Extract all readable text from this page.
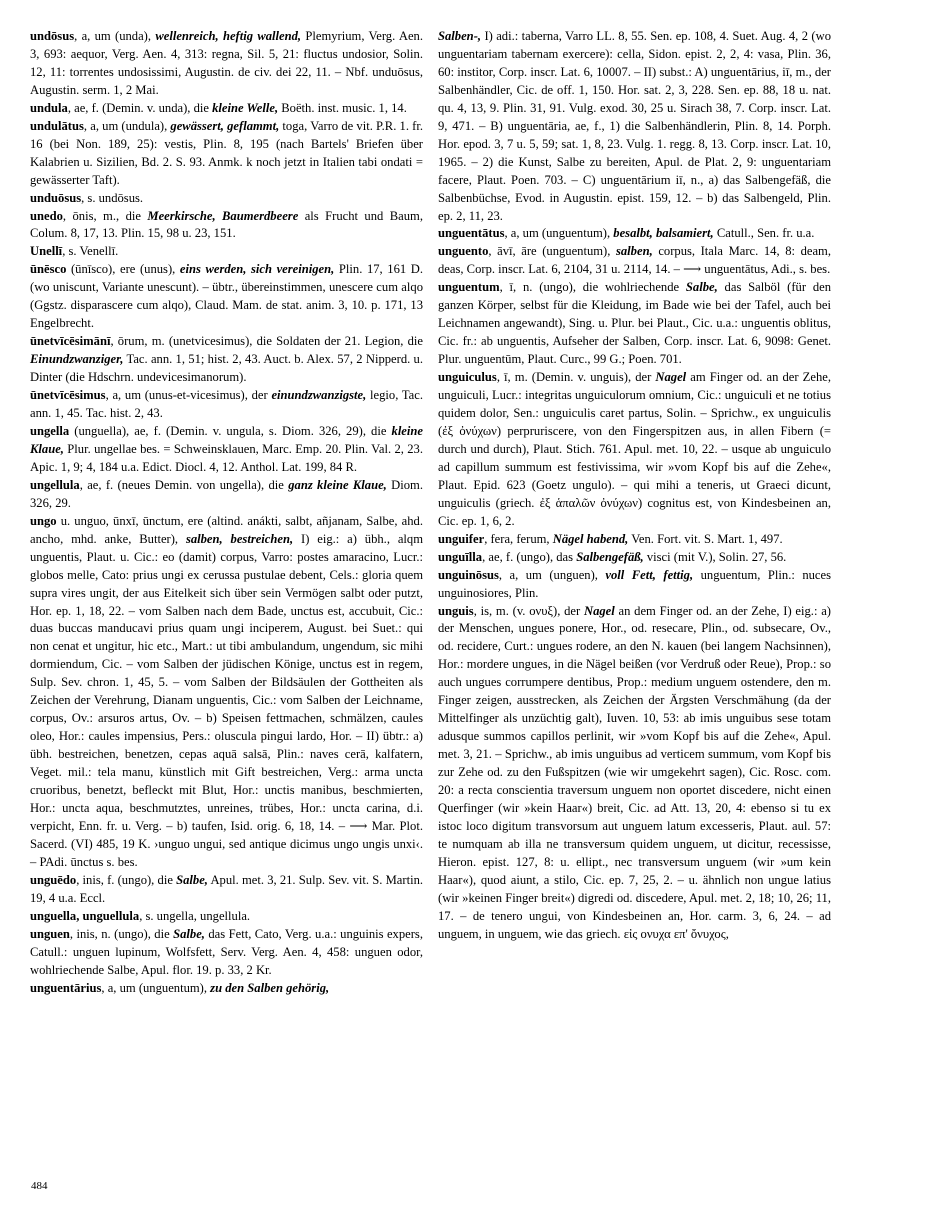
undōsus, a, um (unda), wellenreich, heftig wallend, Plemyrium, Verg. Aen. 3, 693: aequor, Verg. Aen. 4, 313: regna, Sil. 5, 21: fluctus undosior, Solin. 12, 11: torrentes undosissimi, Augustin. de civ. dei 22, 11. – Nbf. unduōsus, Augustin. serm. 1, 2 Mai.

undula, ae, f. (Demin. v. unda), die kleine Welle, Boëth. inst. music. 1, 14.

undulātus, a, um (undula), gewässert, geflammt, toga, Varro de vit. P.R. 1. fr. 16 (bei Non. 189, 25): vestis, Plin. 8, 195 (nach Bartels' Briefen über Kalabrien u. Sizilien, Bd. 2. S. 93. Anmk. k noch jetzt in Italien tabi ondati = gewässerter Taft).

unduōsus, s. undōsus.

unedo, ōnis, m., die Meerkirsche, Baumerdbeere als Frucht und Baum, Colum. 8, 17, 13. Plin. 15, 98 u. 23, 151.

Unellī, s. Venellī.

ūnēsco (ūnīsco), ere (unus), eins werden, sich vereinigen, Plin. 17, 161 D. (wo uniscunt, Variante unescunt). – übtr., übereinstimmen, unescere cum alqo (Ggstz. disparascere cum alqo), Claud. Mam. de stat. anim. 3, 10. p. 171, 13 Engelbrecht.

ūnetvīcēsimānī, ōrum, m. (unetvicesimus), die Soldaten der 21. Legion, die Einundzwanziger, Tac. ann. 1, 51; hist. 2, 43. Auct. b. Alex. 57, 2 Nipperd. u. Dinter (die Hdschrn. undevicesimanorum).

ūnetvīcēsimus, a, um (unus-et-vicesimus), der einundzwanzigste, legio, Tac. ann. 1, 45. Tac. hist. 2, 43.

ungella (unguella), ae, f. (Demin. v. ungula, s. Diom. 326, 29), die kleine Klaue, Plur. ungellae bes. = Schweinsklauen, Marc. Emp. 20. Plin. Val. 2, 23. Apic. 1, 9; 4, 184 u.a. Edict. Diocl. 4, 12. Anthol. Lat. 199, 84 R.

ungellula, ae, f. (neues Demin. von ungella), die ganz kleine Klaue, Diom. 326, 29.

ungo u. unguo, ūnxī, ūnctum, ere (altind. anákti, salbt, añjanam, Salbe, ahd. ancho, mhd. anke, Butter), salben, bestreichen, I) eig.: a) übh., alqm unguentis, Plaut. u. Cic.: eo (damit) corpus, Varro: postes amaracino, Lucr.: globos melle, Cato: prius ungi ex cerussa pustulae debent, Cels.: gloria quem supra vires ungit, der aus Eitelkeit sich über sein Vermögen salbt oder putzt, Hor. ep. 1, 18, 22. – vom Salben nach dem Bade, unctus est, accubuit, Cic.: duas buccas manducavi prius quam ungi inciperem, August. bei Suet.: qui non cenat et ungitur, hic etc., Mart.: ut tibi ambulandum, ungendum, sic mihi dormiendum, Cic. – vom Salben der jüdischen Könige, unctus est in regem, Sulp. Sev. chron. 1, 45, 5. – vom Salben der Bildsäulen der Gottheiten als Zeichen der Verehrung, Dianam unguentis, Cic.: vom Salben der Leichname, corpus, Ov.: arsuros artus, Ov. – b) Speisen fettmachen, schmälzen, caules oleo, Hor.: caules impensius, Pers.: oluscula pingui lardo, Hor. – II) übtr.: a) übh. bestreichen, benetzen, cepas aquā salsā, Plin.: naves cerā, kalfatern, Veget. mil.: tela manu, künstlich mit Gift bestreichen, Verg.: arma uncta cruoribus, benetzt, befleckt mit Blut, Hor.: unctis manibus, beschmierten, Hor.: uncta aqua, beschmutztes, unreines, trübes, Hor.: uncta carina, d.i. verpicht, Enn. fr. u. Verg. – b) taufen, Isid. orig. 6, 18, 14. – ⟶ Mar. Plot. Sacerd. (VI) 485, 19 K. ›unguo ungui, sed antique dicimus ungo ungis unxi‹. – PAdi. ūnctus s. bes.

unguēdo, inis, f. (ungo), die Salbe, Apul. met. 3, 21. Sulp. Sev. vit. S. Martin. 19, 4 u.a. Eccl.

unguella, unguellula, s. ungella, ungellula.

unguen, inis, n. (ungo), die Salbe, das Fett, Cato, Verg. u.a.: unguinis expers, Catull.: unguen lupinum, Wolfsfett, Serv. Verg. Aen. 4, 458: unguen odor, wohlriechende Salbe, Apul. flor. 19. p. 33, 2 Kr.

unguentārius, a, um (unguentum), zu den Salben gehörig,

Salben-, I) adi.: taberna, Varro LL. 8, 55. Sen. ep. 108, 4. Suet. Aug. 4, 2 (wo unguentariam tabernam exercere): cella, Sidon. epist. 2, 2, 4: vasa, Plin. 36, 60: institor, Corp. inscr. Lat. 6, 10007. – II) subst.: A) unguentārius, iī, m., der Salbenhändler, Cic. de off. 1, 150. Hor. sat. 2, 3, 228. Sen. ep. 88, 18 u. nat. qu. 4, 13, 9. Plin. 31, 91. Vulg. exod. 30, 25 u. Sirach 38, 7. Corp. inscr. Lat. 9, 471. – B) unguentāria, ae, f., 1) die Salbenhändlerin, Plin. 8, 14. Porph. Hor. epod. 3, 7 u. 5, 59; sat. 1, 8, 23. Vulg. 1. regg. 8, 13. Corp. inscr. Lat. 10, 1965. – 2) die Kunst, Salbe zu bereiten, Apul. de Plat. 2, 9: unguentariam facere, Plaut. Poen. 703. – C) unguentārium iī, n., a) das Salbengefäß, die Salbenbüchse, Evod. in Augustin. epist. 159, 12. – b) das Salbengeld, Plin. ep. 2, 11, 23.

unguentātus, a, um (unguentum), besalbt, balsamiert, Catull., Sen. fr. u.a.

unguento, āvī, āre (unguentum), salben, corpus, Itala Marc. 14, 8: deam, deas, Corp. inscr. Lat. 6, 2104, 31 u. 2114, 14. – ⟶ unguentātus, Adi., s. bes.

unguentum, ī, n. (ungo), die wohlriechende Salbe, das Salböl (für den ganzen Körper, selbst für die Kleidung, im Bade wie bei der Tafel, auch bei Leichnamen angewandt), Sing. u. Plur. bei Plaut., Cic. u.a.: unguentis oblitus, Cic. fr.: ab unguentis, Aufseher der Salben, Corp. inscr. Lat. 6, 9098: Genet. Plur. unguentūm, Plaut. Curc., 99 G.; Poen. 701.

unguiculus, ī, m. (Demin. v. unguis), der Nagel am Finger od. an der Zehe, unguiculi, Lucr.: integritas unguiculorum omnium, Cic.: unguiculi et ne totius quidem dolor, Sen.: unguiculis caret partus, Solin. – Sprichw., ex unguiculis (ἐξ ὀνύχων) perpruriscere, von den Fingerspitzen aus, in allen Fibern (= durch und durch), Plaut. Stich. 761. Apul. met. 10, 22. – usque ab unguiculo ad capillum summum est festivissima, wir »vom Kopf bis auf die Zehe«, Plaut. Epid. 623 (Goetz ungulo). – qui mihi a teneris, ut Graeci dicunt, unguiculis (griech. ἐξ ἁπαλῶν ὀνύχων) cognitus est, von Kindesbeinen an, Cic. ep. 1, 6, 2.

unguifer, fera, ferum, Nägel habend, Ven. Fort. vit. S. Mart. 1, 497.

unguīlla, ae, f. (ungo), das Salbengefäß, visci (mit V.), Solin. 27, 56.

unguinōsus, a, um (unguen), voll Fett, fettig, unguentum, Plin.: nuces unguinosiores, Plin.

unguis, is, m. (v. ονυξ), der Nagel an dem Finger od. an der Zehe, I) eig.: a) der Menschen, ungues ponere, Hor., od. resecare, Plin., od. subsecare, Ov., od. recidere, Curt.: ungues rodere, an den N. kauen (bei langem Nachsinnen), Hor.: mordere ungues, in die Nägel beißen (vor Verdruß oder Reue), Prop.: so auch ungues corrumpere dentibus, Prop.: medium unguem ostendere, den m. Finger zeigen, ausstrecken, als Zeichen der Ärgsten Verschmähung (da der Mittelfinger als unzüchtig galt), Iuven. 10, 53: ab imis unguibus sese totam adusque summos capillos perlinit, wir »vom Kopf bis auf die Zehe«, Apul. met. 3, 21. – Sprichw., ab imis unguibus ad verticem summum, vom Kopf bis zur Zehe od. zu den Fußspitzen (wie wir umgekehrt sagen), Cic. Rosc. com. 20: a recta conscientia traversum unguem non oportet discedere, nicht einen Querfinger (wir »kein Haar«) breit, Cic. ad Att. 13, 20, 4: ebenso si tu ex istoc loco digitum transvorsum aut unguem latum excesseris, Plaut. aul. 57: te numquam ab illa ne transversum quidem unguem, ut dicitur, recessisse, Hieron. epist. 127, 8: u. ellipt., nec transversum unguem (wir »um kein Haar«), quod aiunt, a stilo, Cic. ep. 7, 25, 2. – u. ähnlich non ungue latius (wir »keinen Finger breit«) digredi od. discedere, Apul. met. 2, 18; 10, 26; 11, 17. – de tenero ungui, von Kindesbeinen an, Hor. carm. 3, 6, 24. – ad unguem, in unguem, wie das griech. εἰς ονυχα επ' ὄνυχος,

484
